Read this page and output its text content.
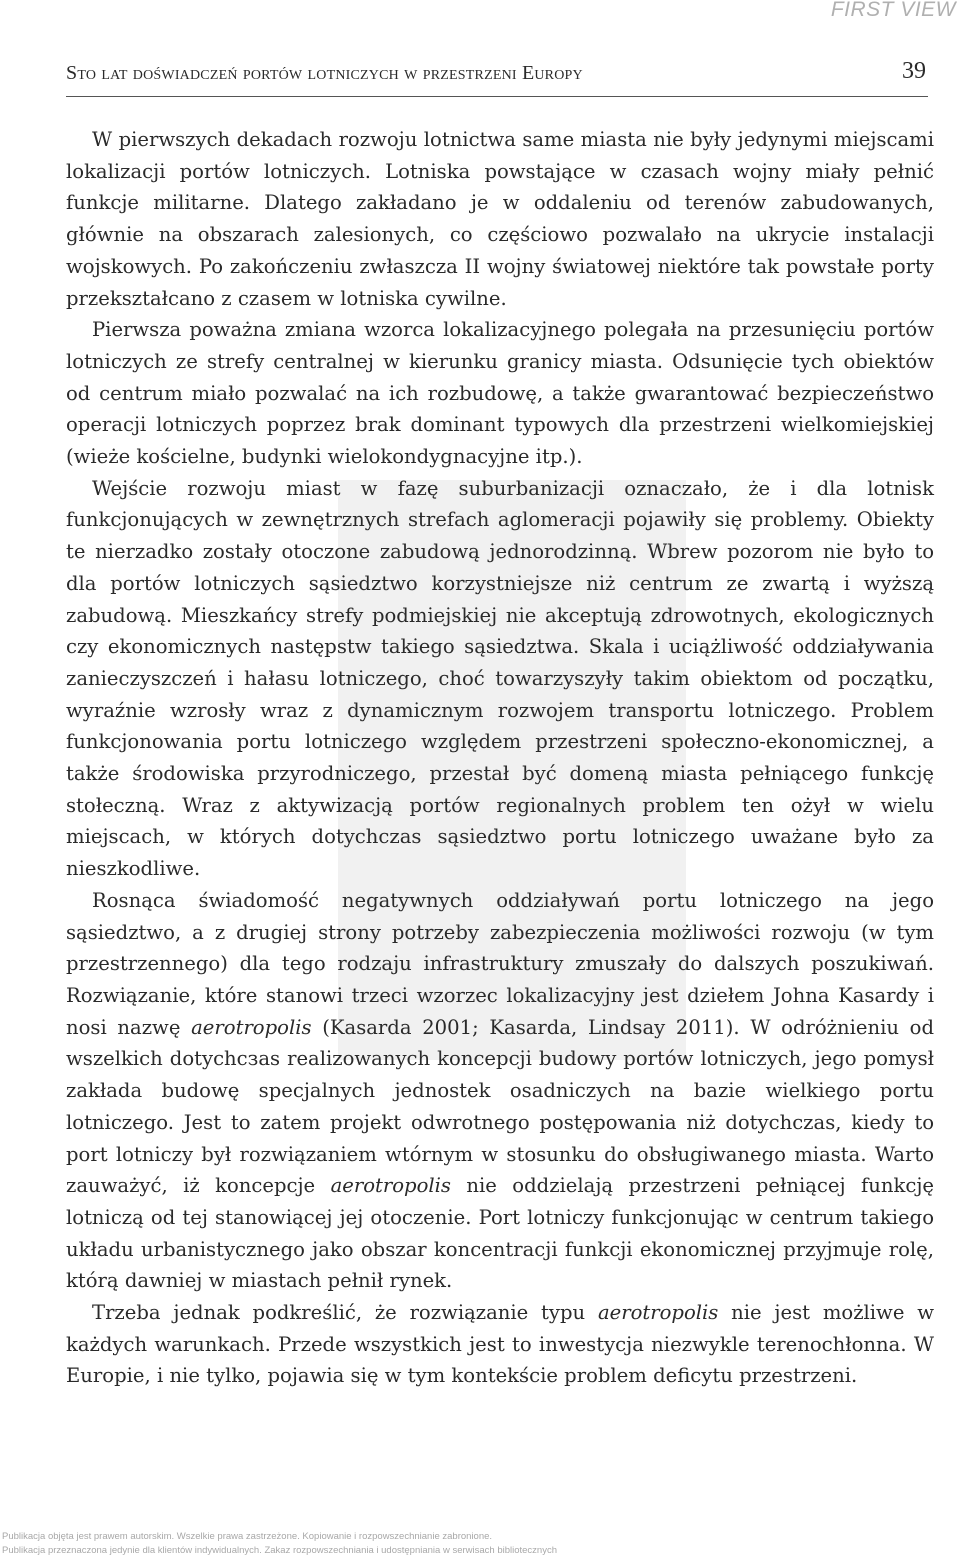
FIRST VIEW
Sto lat doświadczeń portów lotniczych w przestrzeni Europy	39

W pierwszych dekadach rozwoju lotnictwa same miasta nie były jedynymi miejscami lokalizacji portów lotniczych. Lotniska powstające w czasach wojny miały pełnić funkcje militarne. Dlatego zakładano je w oddaleniu od terenów zabudowanych, głównie na obszarach zalesionych, co częściowo pozwalało na ukrycie instalacji wojskowych. Po zakończeniu zwłaszcza II wojny światowej niektóre tak powstałe porty przekształcano z czasem w lotniska cywilne.

Pierwsza poważna zmiana wzorca lokalizacyjnego polegała na przesunięciu portów lotniczych ze strefy centralnej w kierunku granicy miasta. Odsunięcie tych obiektów od centrum miało pozwalać na ich rozbudowę, a także gwarantować bezpieczeństwo operacji lotniczych poprzez brak dominant typowych dla przestrzeni wielkomiejskiej (wieże kościelne, budynki wielokondygnacyjne itp.).

Wejście rozwoju miast w fazę suburbanizacji oznaczało, że i dla lotnisk funkcjonujących w zewnętrznych strefach aglomeracji pojawiły się problemy. Obiekty te nierzadko zostały otoczone zabudową jednorodzinną. Wbrew pozorom nie było to dla portów lotniczych sąsiedztwo korzystniejsze niż centrum ze zwartą i wyższą zabudową. Mieszkańcy strefy podmiejskiej nie akceptują zdrowotnych, ekologicznych czy ekonomicznych następstw takiego sąsiedztwa. Skala i uciążliwość oddziaływania zanieczyszczeń i hałasu lotniczego, choć towarzyszyły takim obiektom od początku, wyraźnie wzrosły wraz z dynamicznym rozwojem transportu lotniczego. Problem funkcjonowania portu lotniczego względem przestrzeni społeczno-ekonomicznej, a także środowiska przyrodniczego, przestał być domeną miasta pełniącego funkcję stołeczną. Wraz z aktywizacją portów regionalnych problem ten ożył w wielu miejscach, w których dotychczas sąsiedztwo portu lotniczego uważane było za nieszkodliwe.

Rosnąca świadomość negatywnych oddziaływań portu lotniczego na jego sąsiedztwo, a z drugiej strony potrzeby zabezpieczenia możliwości rozwoju (w tym przestrzennego) dla tego rodzaju infrastruktury zmuszały do dalszych poszukiwań. Rozwiązanie, które stanowi trzeci wzorzec lokalizacyjny jest dziełem Johna Kasardy i nosi nazwę aerotropolis (Kasarda 2001; Kasarda, Lindsay 2011). W odróżnieniu od wszelkich dotychcзas realizowanych koncepcji budowy portów lotniczych, jego pomysł zakłada budowę specjalnych jednostek osadniczych na bazie wielkiego portu lotniczego. Jest to zatem projekt odwrotnego postępowania niż dotychczas, kiedy to port lotniczy był rozwiązaniem wtórnym w stosunku do obsługiwanego miasta. Warto zauważyć, iż koncepcje aerotropolis nie oddzielają przestrzeni pełniącej funkcję lotniczą od tej stanowiącej jej otoczenie. Port lotniczy funkcjonując w centrum takiego układu urbanistycznego jako obszar koncentracji funkcji ekonomicznej przyjmuje rolę, którą dawniej w miastach pełnił rynek.

Trzeba jednak podkreślić, że rozwiązanie typu aerotropolis nie jest możliwe w każdych warunkach. Przede wszystkich jest to inwestycja niezwykle terenochłonna. W Europie, i nie tylko, pojawia się w tym kontekście problem deficytu przestrzeni.

Publikacja objęta jest prawem autorskim. Wszelkie prawa zastrzeżone. Kopiowanie i rozpowszechnianie zabronione.
Publikacja przeznaczona jedynie dla klientów indywidualnych. Zakaz rozpowszechniania i udostępniania w serwisach bibliotecznych
